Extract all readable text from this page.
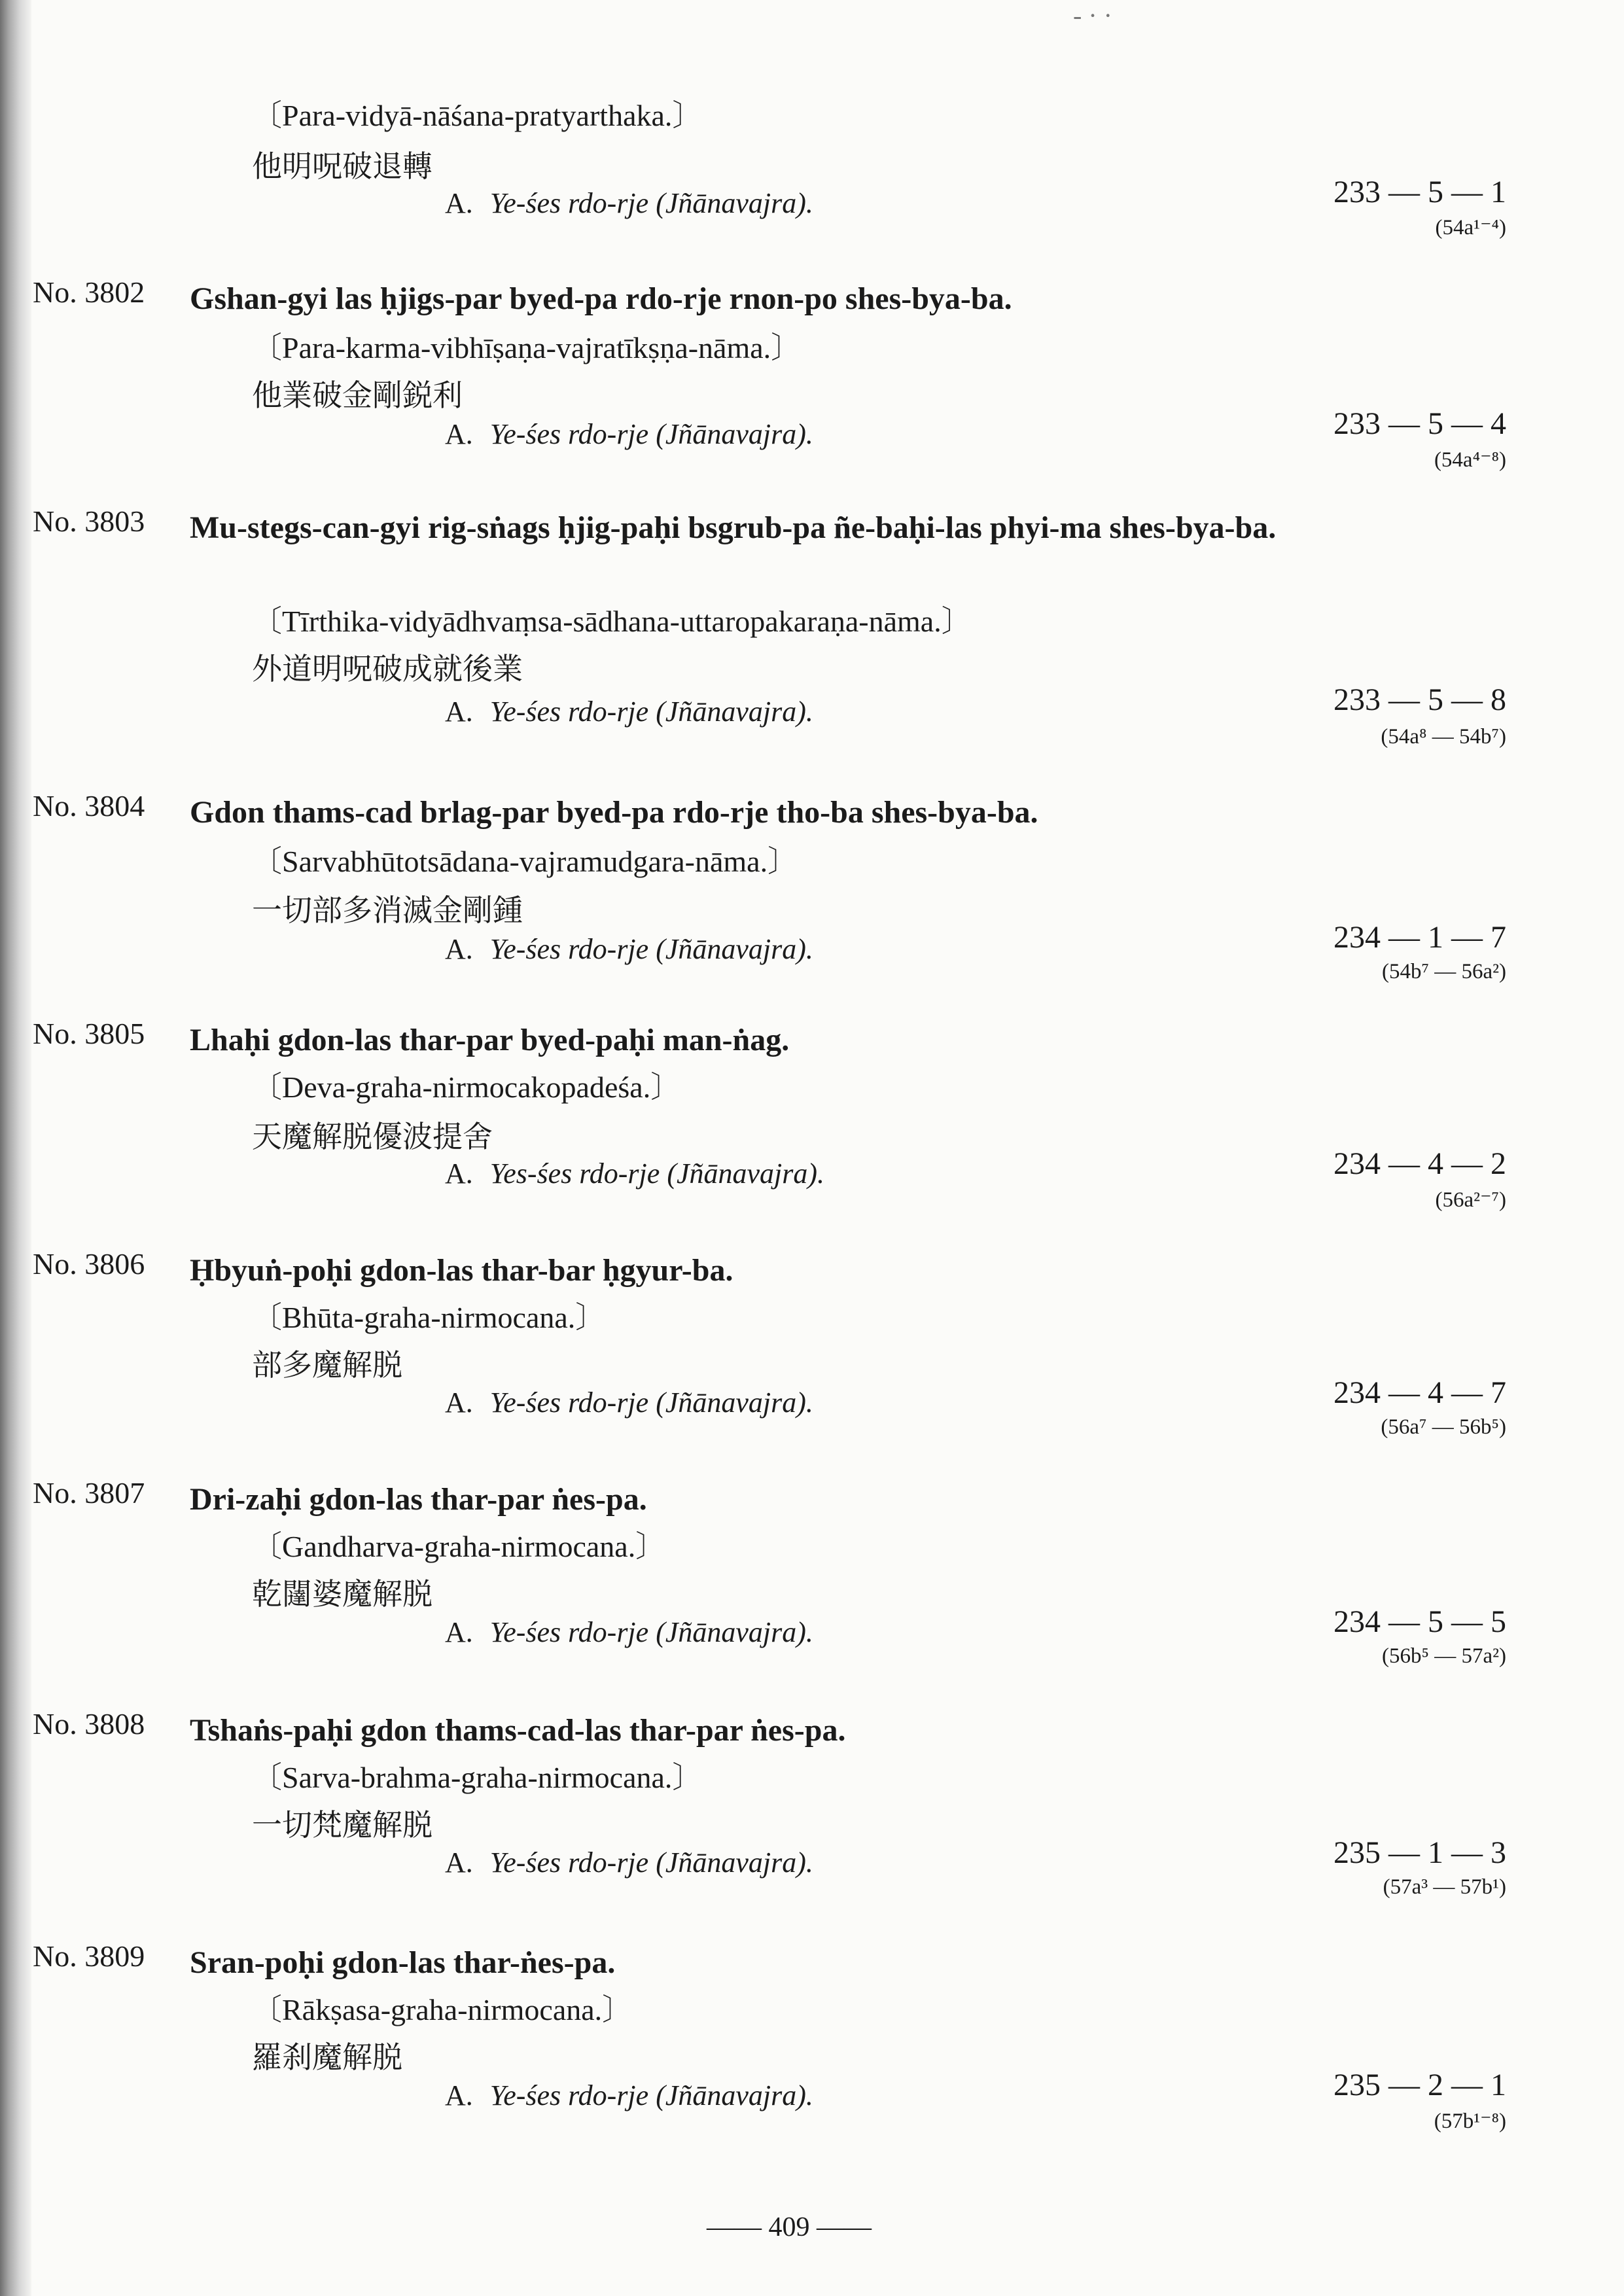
- · ·
〔Para-vidyā-nāśana-pratyarthaka.〕
他明呪破退轉
A. Ye-śes rdo-rje (Jñānavajra).	233 — 5 — 1
(54a¹⁻⁴)
No. 3802 Gshan-gyi las ḥjigs-par byed-pa rdo-rje rnon-po shes-bya-ba.
〔Para-karma-vibhīṣaṇa-vajratīkṣṇa-nāma.〕
他業破金剛鋭利
A. Ye-śes rdo-rje (Jñānavajra).	233 — 5 — 4
(54a⁴⁻⁸)
No. 3803 Mu-stegs-can-gyi rig-sṅags ḥjig-paḥi bsgrub-pa ñe-baḥi-las phyi-ma shes-bya-ba.
〔Tīrthika-vidyādhvaṃsa-sādhana-uttaropakaraṇa-nāma.〕
外道明呪破成就後業
A. Ye-śes rdo-rje (Jñānavajra).	233 — 5 — 8
(54a⁸ — 54b⁷)
No. 3804 Gdon thams-cad brlag-par byed-pa rdo-rje tho-ba shes-bya-ba.
〔Sarvabhūtotsādana-vajramudgara-nāma.〕
一切部多消滅金剛鍾
A. Ye-śes rdo-rje (Jñānavajra).	234 — 1 — 7
(54b⁷ — 56a²)
No. 3805 Lhaḥi gdon-las thar-par byed-paḥi man-ṅag.
〔Deva-graha-nirmocakopadeśa.〕
天魔解脱優波提舍
A. Yes-śes rdo-rje (Jñānavajra).	234 — 4 — 2
(56a²⁻⁷)
No. 3806 Ḥbyuṅ-poḥi gdon-las thar-bar ḥgyur-ba.
〔Bhūta-graha-nirmocana.〕
部多魔解脱
A. Ye-śes rdo-rje (Jñānavajra).	234 — 4 — 7
(56a⁷ — 56b⁵)
No. 3807 Dri-zaḥi gdon-las thar-par ṅes-pa.
〔Gandharva-graha-nirmocana.〕
乾闥婆魔解脱
A. Ye-śes rdo-rje (Jñānavajra).	234 — 5 — 5
(56b⁵ — 57a²)
No. 3808 Tshaṅs-paḥi gdon thams-cad-las thar-par ṅes-pa.
〔Sarva-brahma-graha-nirmocana.〕
一切梵魔解脱
A. Ye-śes rdo-rje (Jñānavajra).	235 — 1 — 3
(57a³ — 57b¹)
No. 3809 Sran-poḥi gdon-las thar-ṅes-pa.
〔Rākṣasa-graha-nirmocana.〕
羅刹魔解脱
A. Ye-śes rdo-rje (Jñānavajra).	235 — 2 — 1
(57b¹⁻⁸)
—— 409 ——
